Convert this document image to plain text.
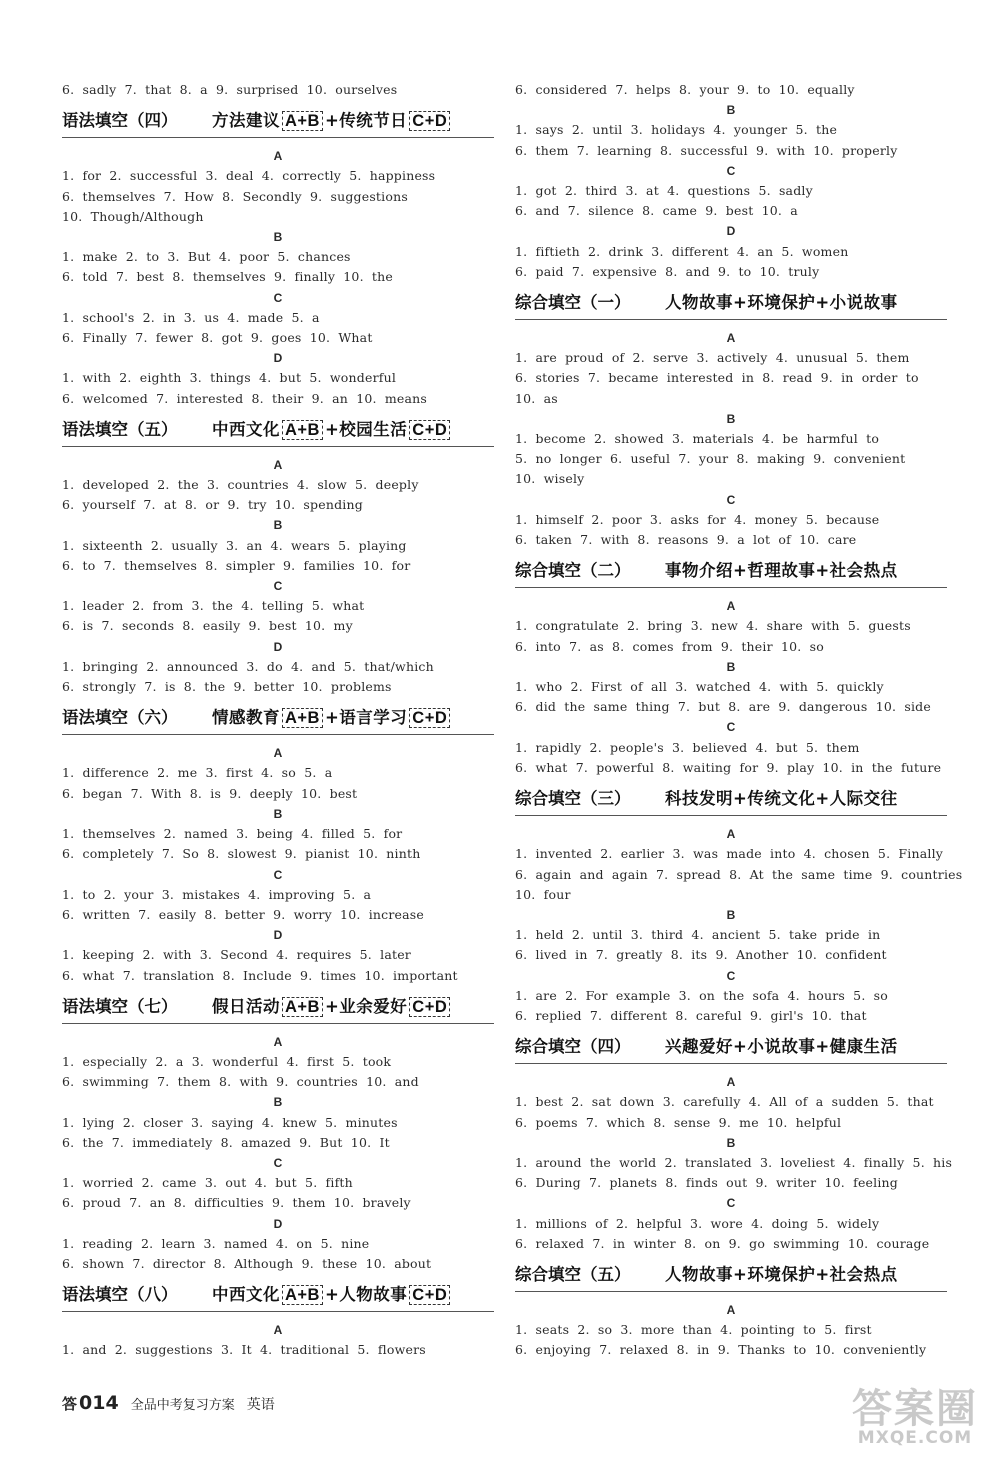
6. sadly 7. that 8. a 9. surprised 10. ourselves
语法填空（四）	方法建议 A+B +传统节日 C+D
A
1. for 2. successful 3. deal 4. correctly 5. happiness
6. themselves 7. How 8. Secondly 9. suggestions
10. Though/Although
B
1. make 2. to 3. But 4. poor 5. chances
6. told 7. best 8. themselves 9. finally 10. the
C
1. school's 2. in 3. us 4. made 5. a
6. Finally 7. fewer 8. got 9. goes 10. What
D
1. with 2. eighth 3. things 4. but 5. wonderful
6. welcomed 7. interested 8. their 9. an 10. means
语法填空（五）	中西文化 A+B +校园生活 C+D
A
1. developed 2. the 3. countries 4. slow 5. deeply
6. yourself 7. at 8. or 9. try 10. spending
B
1. sixteenth 2. usually 3. an 4. wears 5. playing
6. to 7. themselves 8. simpler 9. families 10. for
C
1. leader 2. from 3. the 4. telling 5. what
6. is 7. seconds 8. easily 9. best 10. my
D
1. bringing 2. announced 3. do 4. and 5. that/which
6. strongly 7. is 8. the 9. better 10. problems
语法填空（六）	情感教育 A+B +语言学习 C+D
A
1. difference 2. me 3. first 4. so 5. a
6. began 7. With 8. is 9. deeply 10. best
B
1. themselves 2. named 3. being 4. filled 5. for
6. completely 7. So 8. slowest 9. pianist 10. ninth
C
1. to 2. your 3. mistakes 4. improving 5. a
6. written 7. easily 8. better 9. worry 10. increase
D
1. keeping 2. with 3. Second 4. requires 5. later
6. what 7. translation 8. Include 9. times 10. important
语法填空（七）	假日活动 A+B +业余爱好 C+D
A
1. especially 2. a 3. wonderful 4. first 5. took
6. swimming 7. them 8. with 9. countries 10. and
B
1. lying 2. closer 3. saying 4. knew 5. minutes
6. the 7. immediately 8. amazed 9. But 10. It
C
1. worried 2. came 3. out 4. but 5. fifth
6. proud 7. an 8. difficulties 9. them 10. bravely
D
1. reading 2. learn 3. named 4. on 5. nine
6. shown 7. director 8. Although 9. these 10. about
语法填空（八）	中西文化 A+B +人物故事 C+D
A
1. and 2. suggestions 3. It 4. traditional 5. flowers
6. considered 7. helps 8. your 9. to 10. equally
B
1. says 2. until 3. holidays 4. younger 5. the
6. them 7. learning 8. successful 9. with 10. properly
C
1. got 2. third 3. at 4. questions 5. sadly
6. and 7. silence 8. came 9. best 10. a
D
1. fiftieth 2. drink 3. different 4. an 5. women
6. paid 7. expensive 8. and 9. to 10. truly
综合填空（一）	人物故事+环境保护+小说故事
A
1. are proud of 2. serve 3. actively 4. unusual 5. them
6. stories 7. became interested in 8. read 9. in order to
10. as
B
1. become 2. showed 3. materials 4. be harmful to
5. no longer 6. useful 7. your 8. making 9. convenient
10. wisely
C
1. himself 2. poor 3. asks for 4. money 5. because
6. taken 7. with 8. reasons 9. a lot of 10. care
综合填空（二）	事物介绍+哲理故事+社会热点
A
1. congratulate 2. bring 3. new 4. share with 5. guests
6. into 7. as 8. comes from 9. their 10. so
B
1. who 2. First of all 3. watched 4. with 5. quickly
6. did the same thing 7. but 8. are 9. dangerous 10. side
C
1. rapidly 2. people's 3. believed 4. but 5. them
6. what 7. powerful 8. waiting for 9. play 10. in the future
综合填空（三）	科技发明+传统文化+人际交往
A
1. invented 2. earlier 3. was made into 4. chosen 5. Finally
6. again and again 7. spread 8. At the same time 9. countries
10. four
B
1. held 2. until 3. third 4. ancient 5. take pride in
6. lived in 7. greatly 8. its 9. Another 10. confident
C
1. are 2. For example 3. on the sofa 4. hours 5. so
6. replied 7. different 8. careful 9. girl's 10. that
综合填空（四）	兴趣爱好+小说故事+健康生活
A
1. best 2. sat down 3. carefully 4. All of a sudden 5. that
6. poems 7. which 8. sense 9. me 10. helpful
B
1. around the world 2. translated 3. loveliest 4. finally 5. his
6. During 7. planets 8. finds out 9. writer 10. feeling
C
1. millions of 2. helpful 3. wore 4. doing 5. widely
6. relaxed 7. in winter 8. on 9. go swimming 10. courage
综合填空（五）	人物故事+环境保护+社会热点
A
1. seats 2. so 3. more than 4. pointing to 5. first
6. enjoying 7. relaxed 8. in 9. Thanks to 10. conveniently
答 014 全品中考复习方案 英语	答案圈
MXQE.COM
